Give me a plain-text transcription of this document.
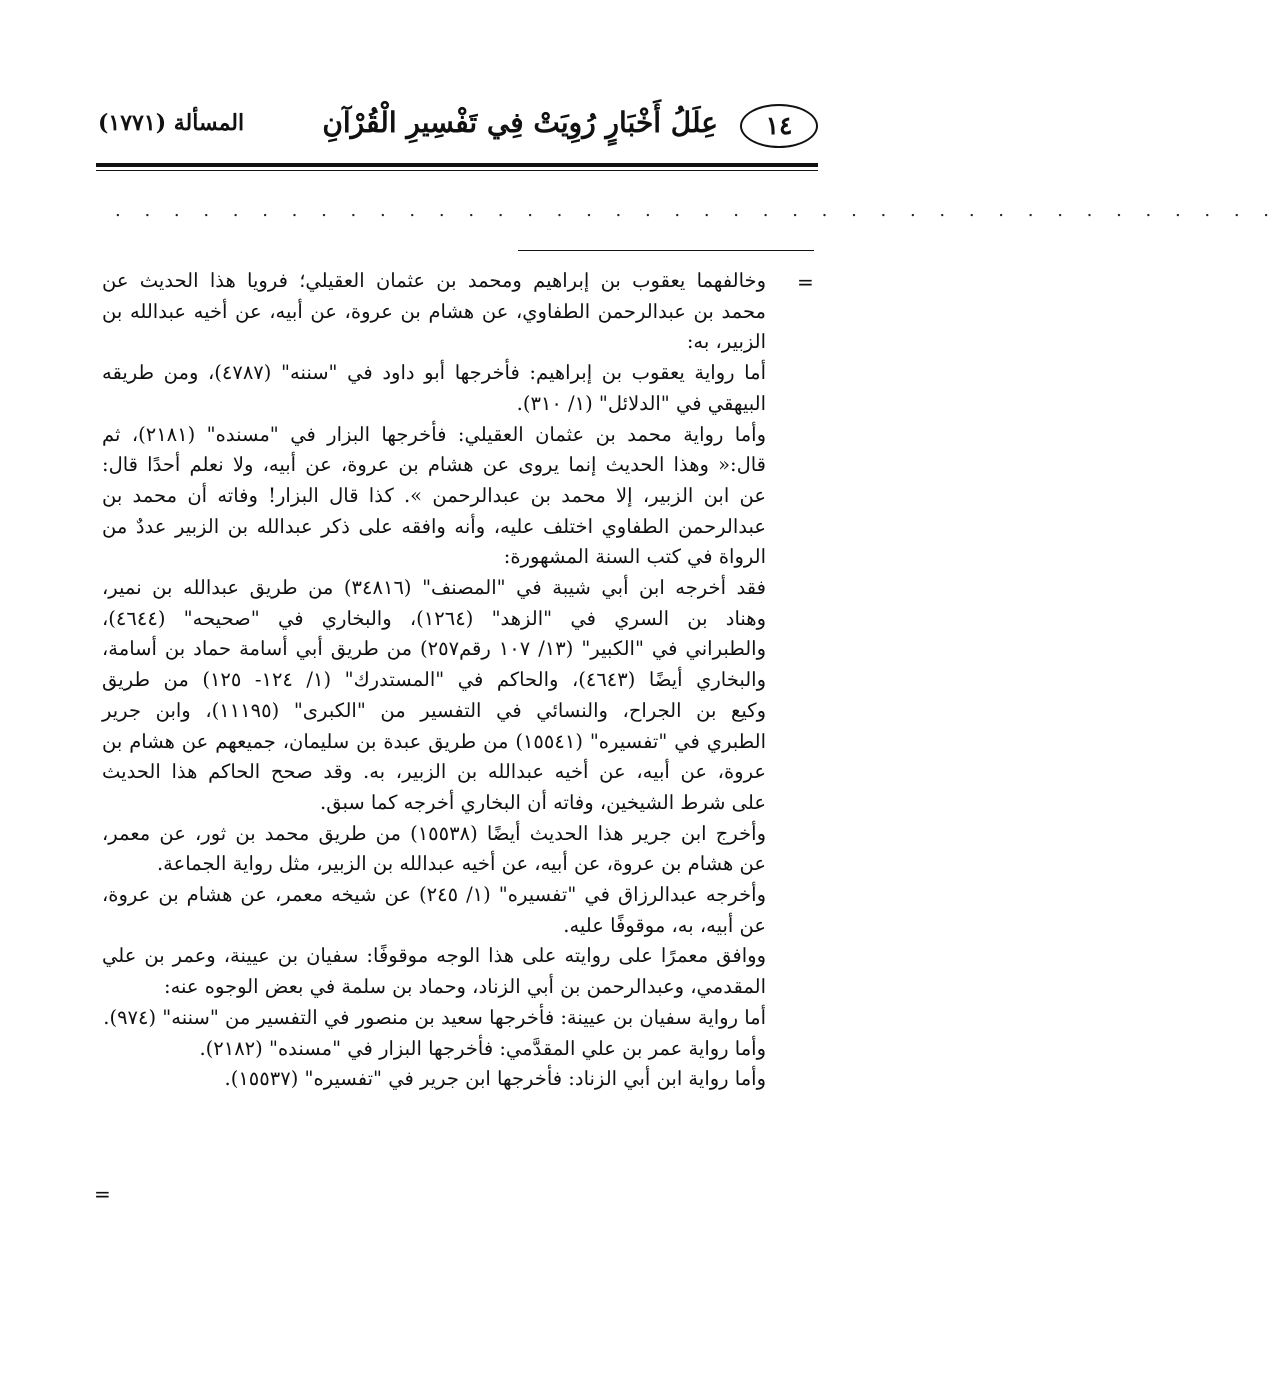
١٤
عِلَلُ أَخْبَارٍ رُوِيَتْ فِي تَفْسِيرِ الْقُرْآنِ
المسألة (١٧٧١)
. . . . . . . . . . . . . . . . . . . . . . . . . . . . . . . . . . . . . . . .
=
=
وخالفهما يعقوب بن إبراهيم ومحمد بن عثمان العقيلي؛ فرويا هذا الحديث عن
محمد بن عبدالرحمن الطفاوي، عن هشام بن عروة، عن أبيه، عن أخيه عبدالله بن
الزبير، به:
أما رواية يعقوب بن إبراهيم: فأخرجها أبو داود في "سننه" (٤٧٨٧)، ومن طريقه
البيهقي في "الدلائل" (١/ ٣١٠).
وأما رواية محمد بن عثمان العقيلي: فأخرجها البزار في "مسنده" (٢١٨١)، ثم
قال:« وهذا الحديث إنما يروى عن هشام بن عروة، عن أبيه، ولا نعلم أحدًا قال:
عن ابن الزبير، إلا محمد بن عبدالرحمن ». كذا قال البزار! وفاته أن محمد بن
عبدالرحمن الطفاوي اختلف عليه، وأنه وافقه على ذكر عبدالله بن الزبير عددٌ من
الرواة في كتب السنة المشهورة:
فقد أخرجه ابن أبي شيبة في "المصنف" (٣٤٨١٦) من طريق عبدالله بن نمير،
وهناد بن السري في "الزهد" (١٢٦٤)، والبخاري في "صحيحه" (٤٦٤٤)،
والطبراني في "الكبير" (١٣/ ١٠٧ رقم٢٥٧) من طريق أبي أسامة حماد بن أسامة،
والبخاري أيضًا (٤٦٤٣)، والحاكم في "المستدرك" (١/ ١٢٤- ١٢٥) من طريق
وكيع بن الجراح، والنسائي في التفسير من "الكبرى" (١١١٩٥)، وابن جرير
الطبري في "تفسيره" (١٥٥٤١) من طريق عبدة بن سليمان، جميعهم عن هشام بن
عروة، عن أبيه، عن أخيه عبدالله بن الزبير، به. وقد صحح الحاكم هذا الحديث
على شرط الشيخين، وفاته أن البخاري أخرجه كما سبق.
وأخرج ابن جرير هذا الحديث أيضًا (١٥٥٣٨) من طريق محمد بن ثور، عن معمر،
عن هشام بن عروة، عن أبيه، عن أخيه عبدالله بن الزبير، مثل رواية الجماعة.
وأخرجه عبدالرزاق في "تفسيره" (١/ ٢٤٥) عن شيخه معمر، عن هشام بن عروة،
عن أبيه، به، موقوفًا عليه.
ووافق معمرًا على روايته على هذا الوجه موقوفًا: سفيان بن عيينة، وعمر بن علي
المقدمي، وعبدالرحمن بن أبي الزناد، وحماد بن سلمة في بعض الوجوه عنه:
أما رواية سفيان بن عيينة: فأخرجها سعيد بن منصور في التفسير من "سننه" (٩٧٤).
وأما رواية عمر بن علي المقدَّمي: فأخرجها البزار في "مسنده" (٢١٨٢).
وأما رواية ابن أبي الزناد: فأخرجها ابن جرير في "تفسيره" (١٥٥٣٧).
